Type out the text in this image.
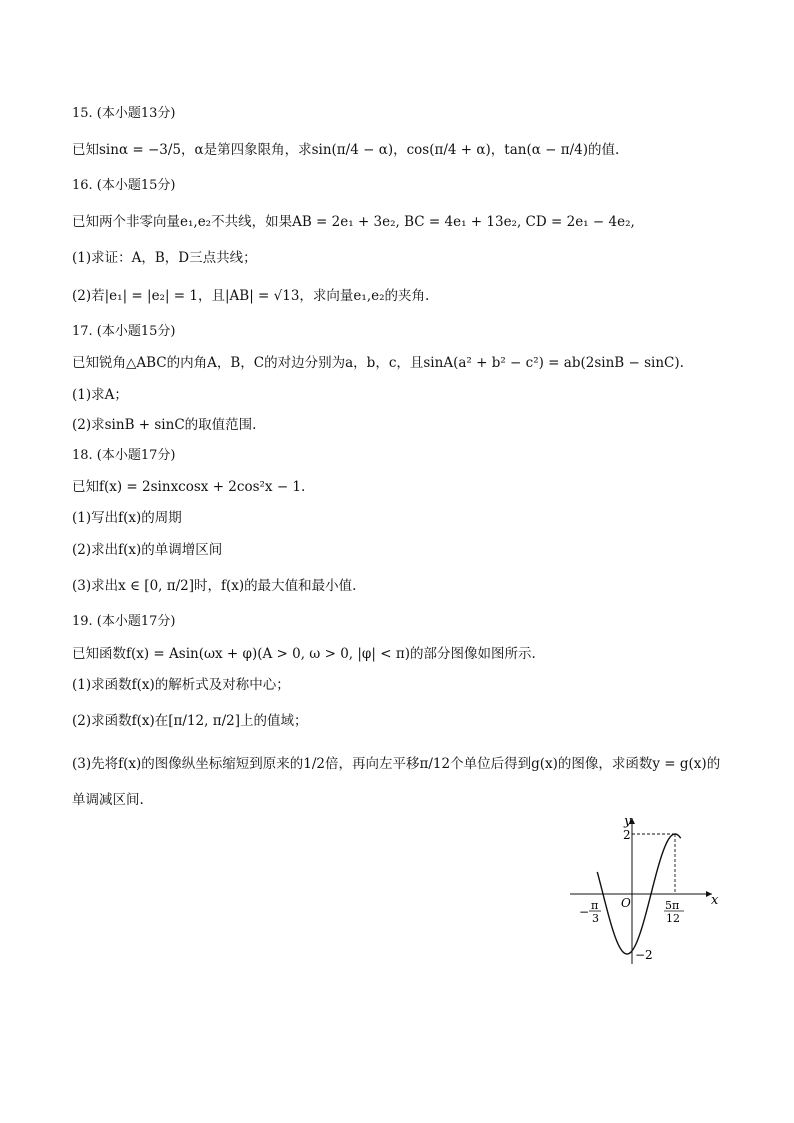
15. (本小题13分)
已知sinα = −3/5，α是第四象限角，求sin(π/4 − α)，cos(π/4 + α)，tan(α − π/4)的值.
16. (本小题15分)
已知两个非零向量e₁,e₂不共线，如果AB = 2e₁ + 3e₂, BC = 4e₁ + 13e₂, CD = 2e₁ − 4e₂,
(1)求证：A，B，D三点共线；
(2)若|e₁| = |e₂| = 1，且|AB| = √13，求向量e₁,e₂的夹角.
17. (本小题15分)
已知锐角△ABC的内角A，B，C的对边分别为a，b，c，且sinA(a² + b² − c²) = ab(2sinB − sinC).
(1)求A；
(2)求sinB + sinC的取值范围.
18. (本小题17分)
已知f(x) = 2sinxcosx + 2cos²x − 1.
(1)写出f(x)的周期
(2)求出f(x)的单调增区间
(3)求出x ∈ [0, π/2]时，f(x)的最大值和最小值.
19. (本小题17分)
已知函数f(x) = Asin(ωx + φ)(A > 0, ω > 0, |φ| < π)的部分图像如图所示.
(1)求函数f(x)的解析式及对称中心；
(2)求函数f(x)在[π/12, π/2]上的值域；
(3)先将f(x)的图像纵坐标缩短到原来的1/2倍，再向左平移π/12个单位后得到g(x)的图像，求函数y = g(x)的
单调减区间.
x
y
O
2
−2
− π
3
5π
12
